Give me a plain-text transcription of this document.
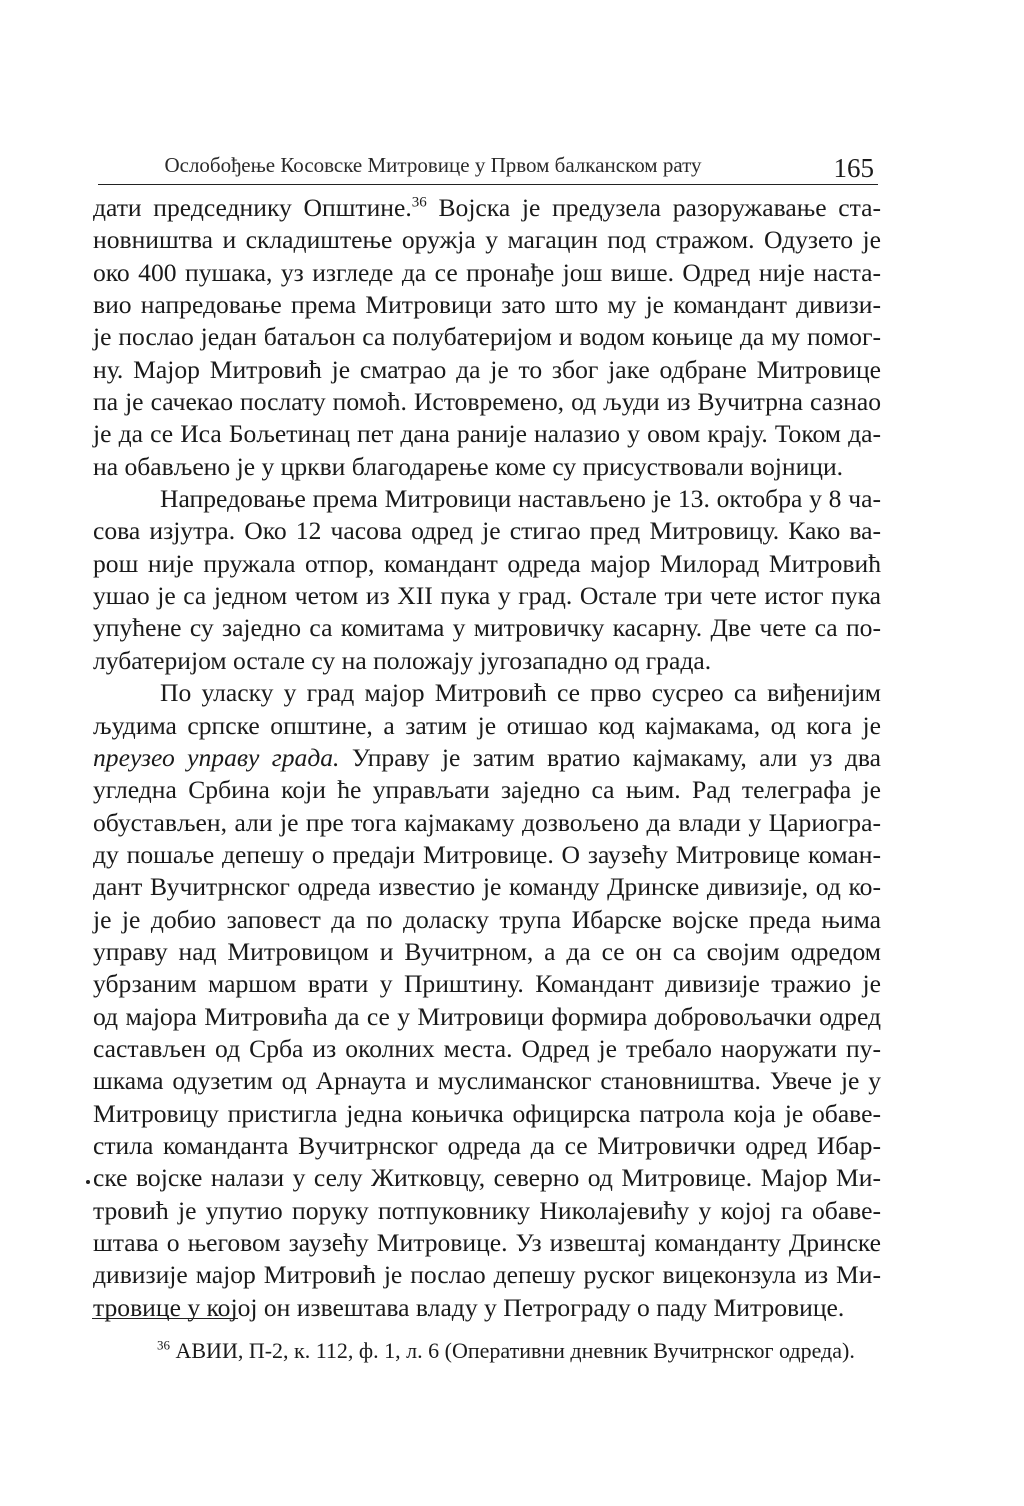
Ослобођење Косовске Митровице у Првом балканском рату	165
дати председнику Општине.$^{36}$ Војска је предузела разоружавање ста-
новништва и складиштење оружја у магацин под стражом. Одузето је
око 400 пушака, уз изгледе да се пронађе још више. Одред није наста-
вио напредовање према Митровици зато што му је командант дивизи-
је послао један батаљон са полубатеријом и водом коњице да му помог-
ну. Мајор Митровић је сматрао да је то због јаке одбране Митровице
па је сачекао послату помоћ. Истовремено, од људи из Вучитрна сазнао
је да се Иса Бољетинац пет дана раније налазио у овом крају. Током да-
на обављено је у цркви благодарење коме су присуствовали војници.
Напредовање према Митровици настављено је 13. октобра у 8 ча-
сова изјутра. Око 12 часова одред је стигао пред Митровицу. Како ва-
рош није пружала отпор, командант одреда мајор Милорад Митровић
ушао је са једном четом из XII пука у град. Остале три чете истог пука
упућене су заједно са комитама у митровичку касарну. Две чете са по-
лубатеријом остале су на положају југозападно од града.
По уласку у град мајор Митровић се прво сусрео са виђенијим
људима српске општине, а затим је отишао код кајмакама, од кога је
преузео управу града. Управу је затим вратио кајмакаму, али уз два
угледна Србина који ће управљати заједно са њим. Рад телеграфа је
обустављен, али је пре тога кајмакаму дозвољено да влади у Цариогра-
ду пошаље депешу о предаји Митровице. О заузећу Митровице коман-
дант Вучитрнског одреда известио је команду Дринске дивизије, од ко-
је је добио заповест да по доласку трупа Ибарске војске преда њима
управу над Митровицом и Вучитрном, а да се он са својим одредом
убрзаним маршом врати у Приштину. Командант дивизије тражио је
од мајора Митровића да се у Митровици формира добровољачки одред
састављен од Срба из околних места. Одред је требало наоружати пу-
шкама одузетим од Арнаута и муслиманског становништва. Увече је у
Митровицу пристигла једна коњичка официрска патрола која је обаве-
стила команданта Вучитрнског одреда да се Митровички одред Ибар-
ске војске налази у селу Житковцу, северно од Митровице. Мајор Ми-
тровић је упутио поруку потпуковнику Николајевићу у којој га обаве-
штава о његовом заузећу Митровице. Уз извештај команданту Дринске
дивизије мајор Митровић је послао депешу руског вицеконзула из Ми-
тровице у којој он извештава владу у Петрограду о паду Митровице.
$^{36}$ АВИИ, П-2, к. 112, ф. 1, л. 6 (Оперативни дневник Вучитрнског одреда).
